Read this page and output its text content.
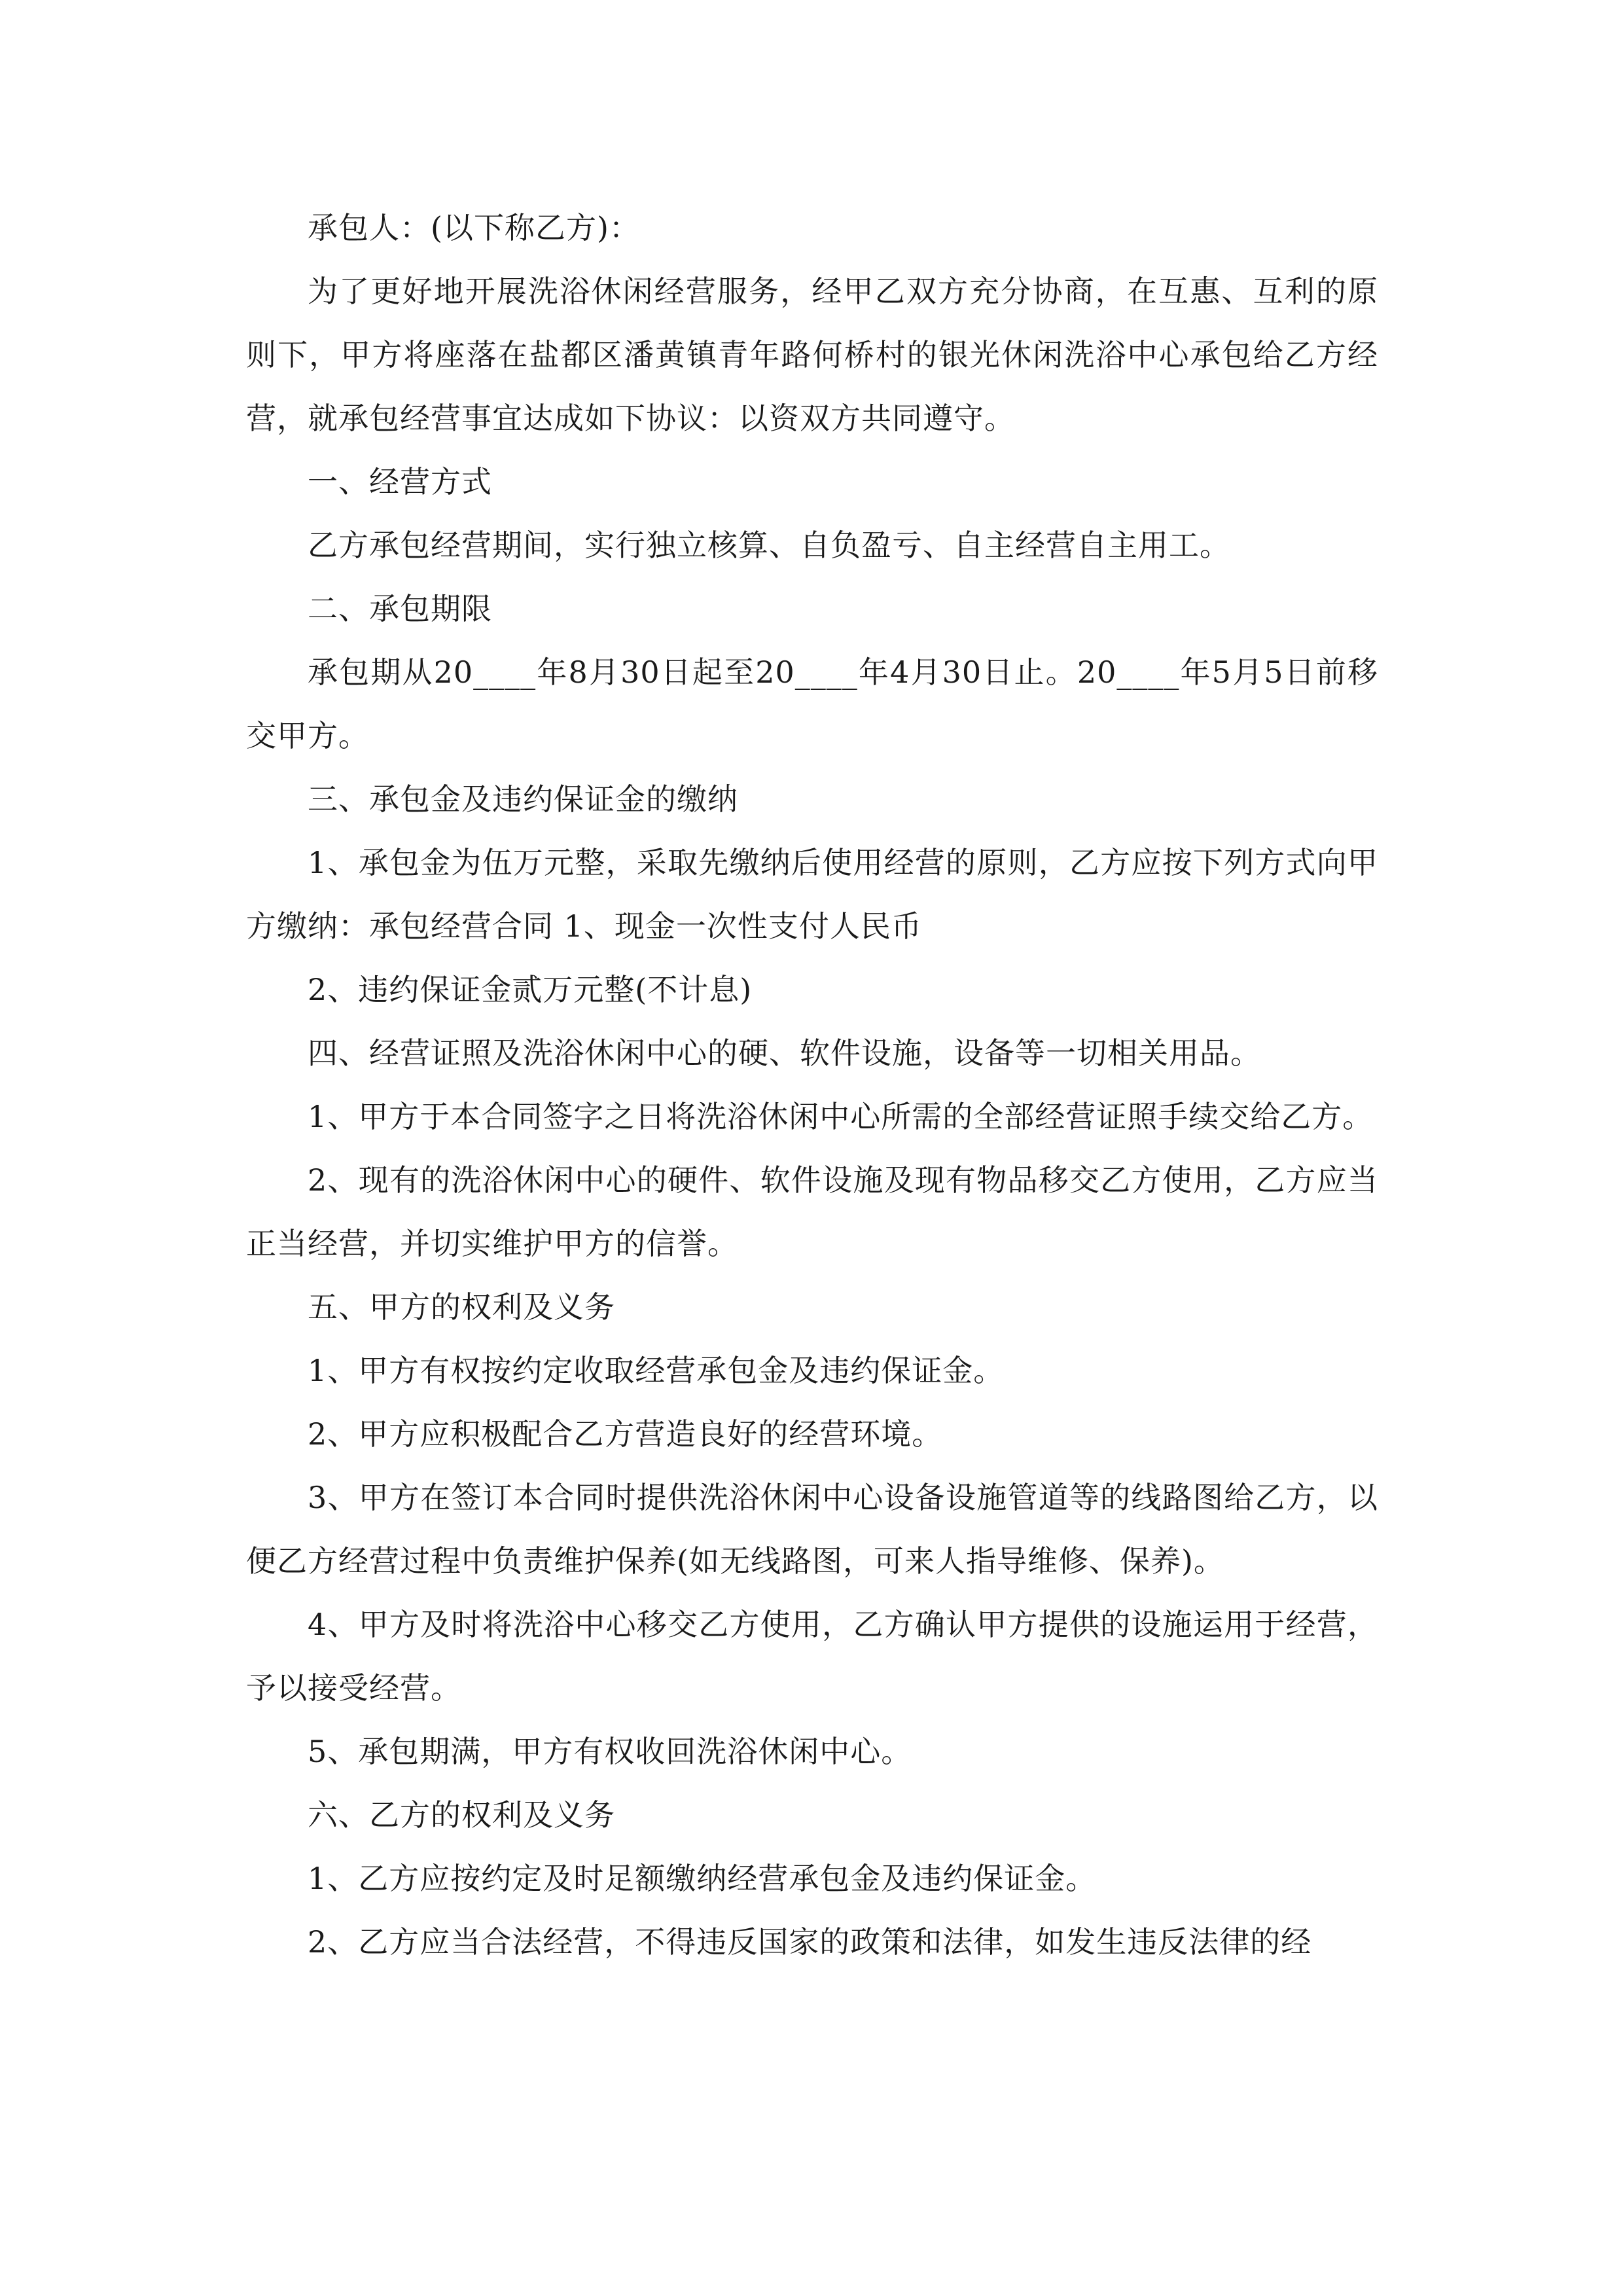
承包人：(以下称乙方)：

为了更好地开展洗浴休闲经营服务，经甲乙双方充分协商，在互惠、互利的原则下，甲方将座落在盐都区潘黄镇青年路何桥村的银光休闲洗浴中心承包给乙方经营，就承包经营事宜达成如下协议：以资双方共同遵守。

一、经营方式

乙方承包经营期间，实行独立核算、自负盈亏、自主经营自主用工。

二、承包期限

承包期从20____年8月30日起至20____年4月30日止。20____年5月5日前移交甲方。

三、承包金及违约保证金的缴纳

1、承包金为伍万元整，采取先缴纳后使用经营的原则，乙方应按下列方式向甲方缴纳：承包经营合同 1、现金一次性支付人民币

2、违约保证金贰万元整(不计息)

四、经营证照及洗浴休闲中心的硬、软件设施，设备等一切相关用品。

1、甲方于本合同签字之日将洗浴休闲中心所需的全部经营证照手续交给乙方。

2、现有的洗浴休闲中心的硬件、软件设施及现有物品移交乙方使用，乙方应当正当经营，并切实维护甲方的信誉。

五、甲方的权利及义务

1、甲方有权按约定收取经营承包金及违约保证金。

2、甲方应积极配合乙方营造良好的经营环境。

3、甲方在签订本合同时提供洗浴休闲中心设备设施管道等的线路图给乙方，以便乙方经营过程中负责维护保养(如无线路图，可来人指导维修、保养)。

4、甲方及时将洗浴中心移交乙方使用，乙方确认甲方提供的设施运用于经营，予以接受经营。

5、承包期满，甲方有权收回洗浴休闲中心。

六、乙方的权利及义务

1、乙方应按约定及时足额缴纳经营承包金及违约保证金。

2、乙方应当合法经营，不得违反国家的政策和法律，如发生违反法律的经
